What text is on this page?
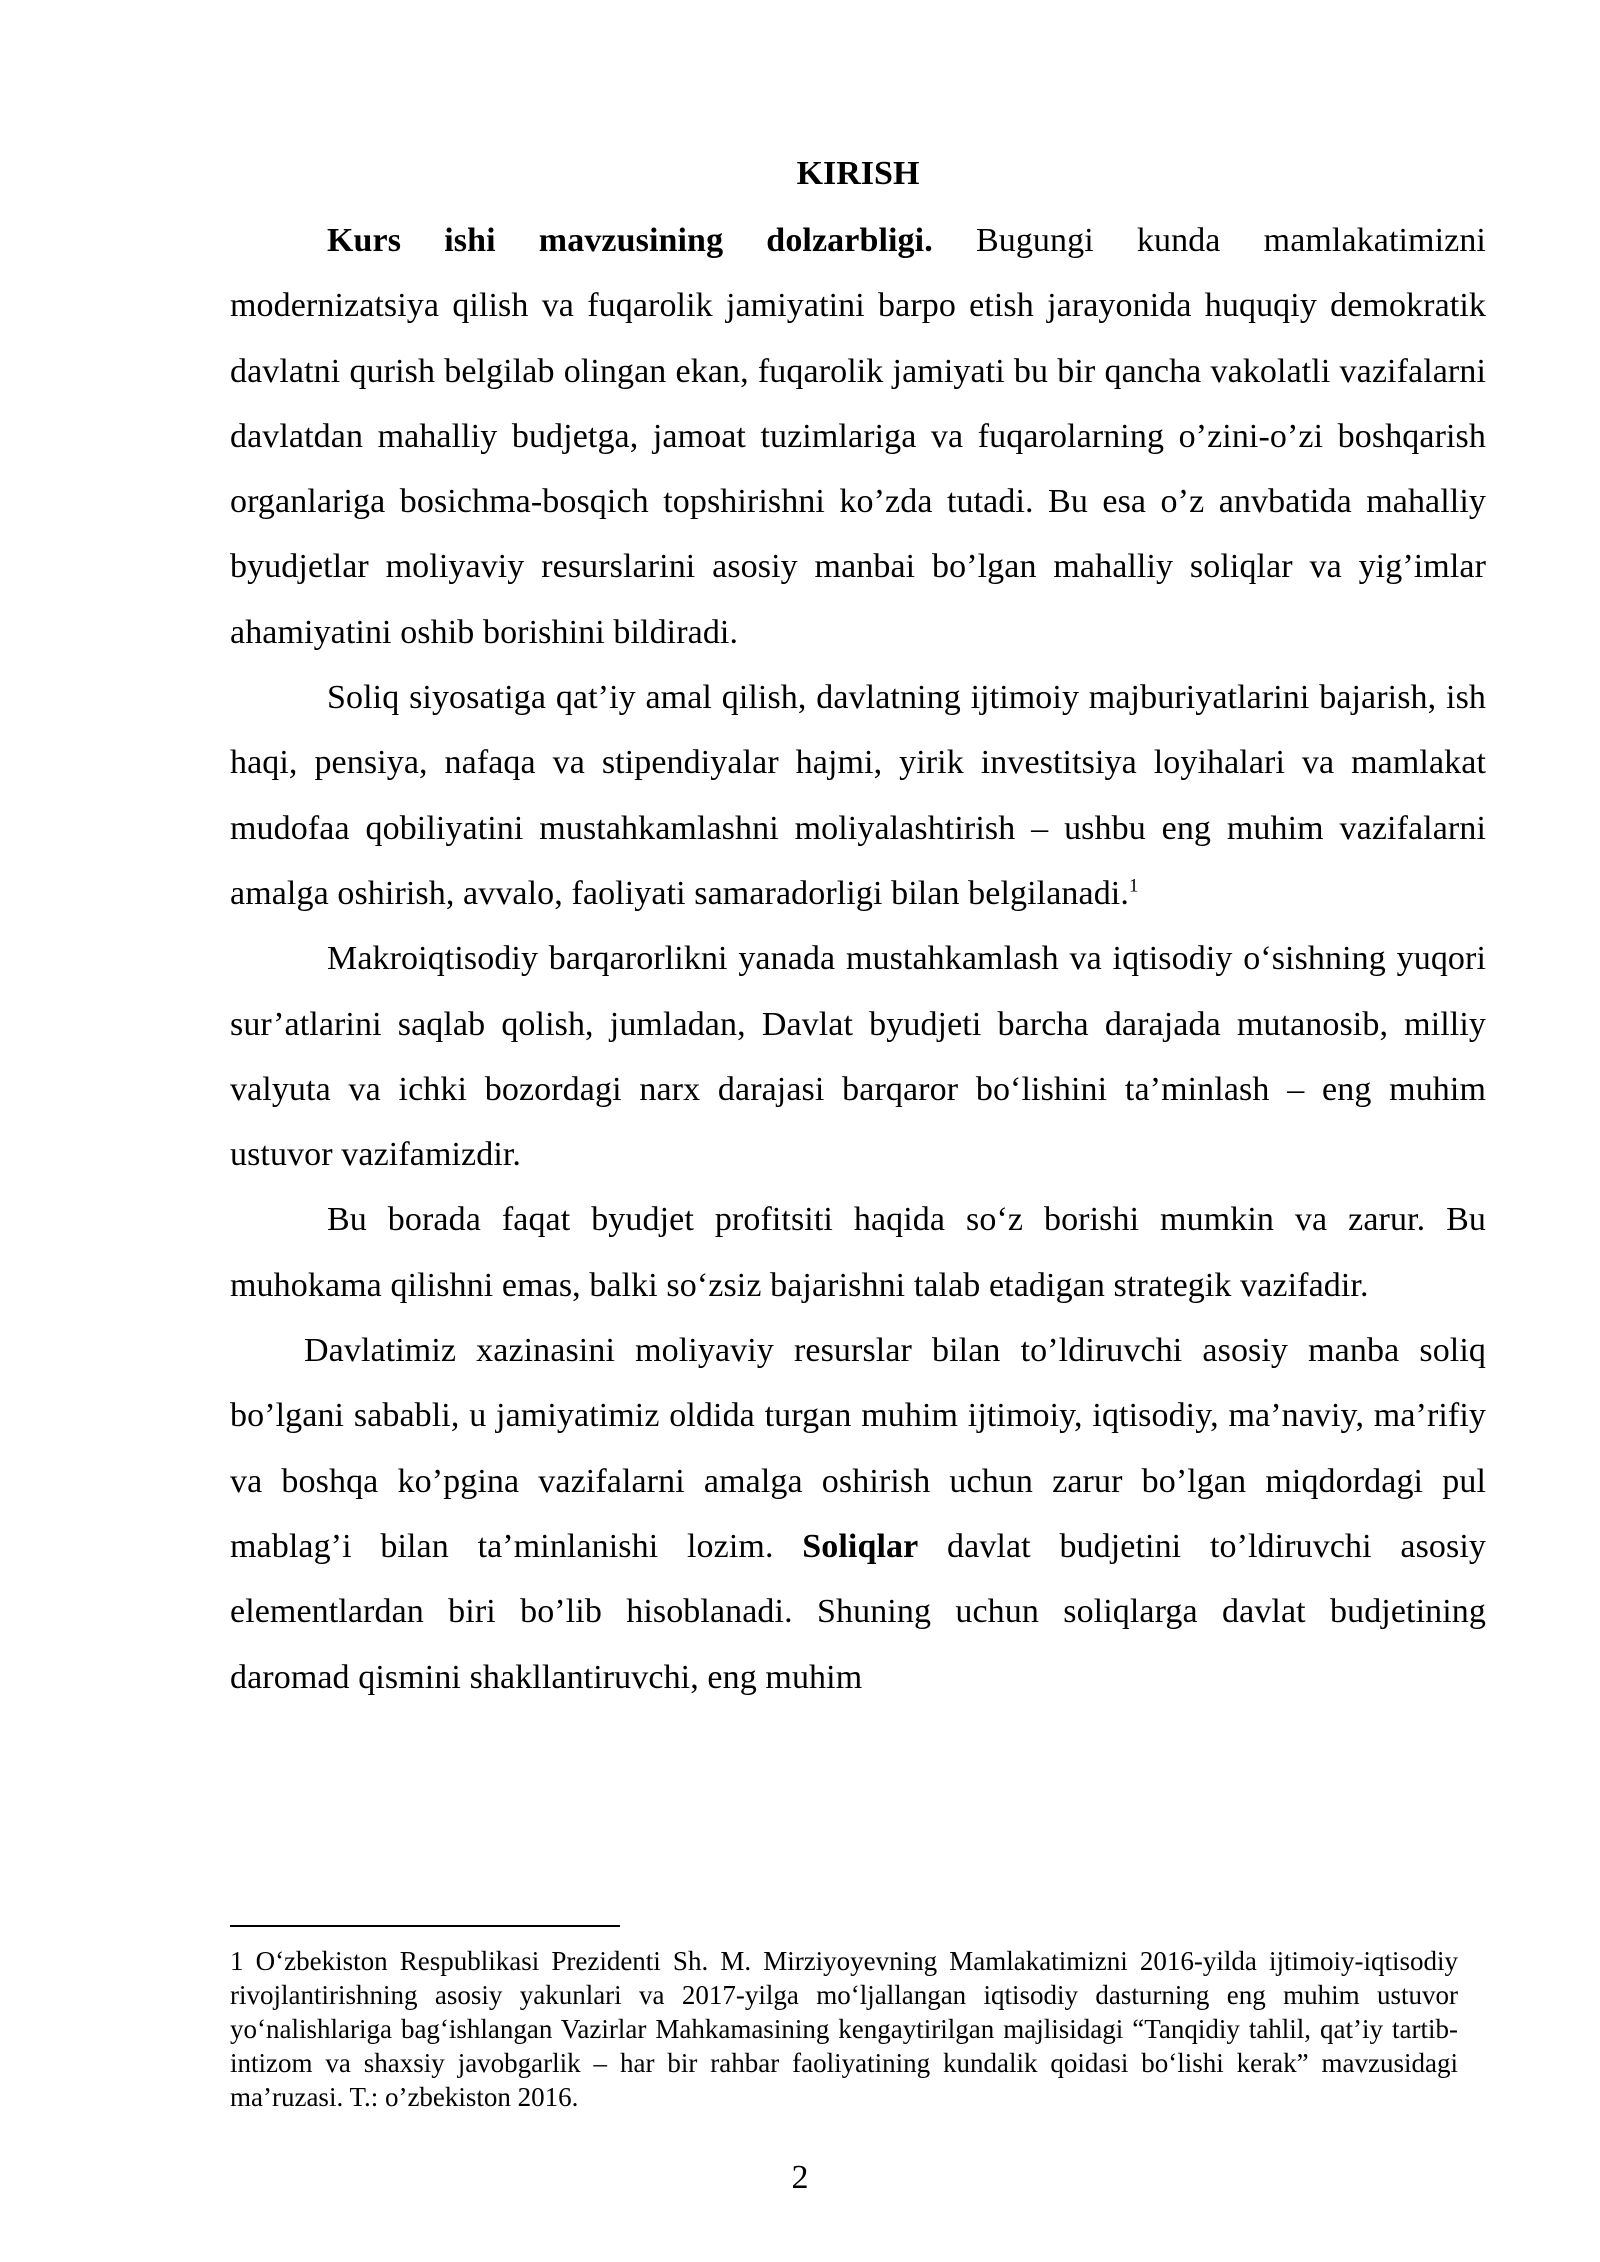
KIRISH

Kurs ishi mavzusining dolzarbligi. Bugungi kunda mamlakatimizni modernizatsiya qilish va fuqarolik jamiyatini barpo etish jarayonida huquqiy demokratik davlatni qurish belgilab olingan ekan, fuqarolik jamiyati bu bir qancha vakolatli vazifalarni davlatdan mahalliy budjetga, jamoat tuzimlariga va fuqarolarning o’zini-o’zi boshqarish organlariga bosichma-bosqich topshirishni ko’zda tutadi. Bu esa o’z anvbatida mahalliy byudjetlar moliyaviy resurslarini asosiy manbai bo’lgan mahalliy soliqlar va yig’imlar ahamiyatini oshib borishini bildiradi.

Soliq siyosatiga qat’iy amal qilish, davlatning ijtimoiy majburiyatlarini bajarish, ish haqi, pensiya, nafaqa va stipendiyalar hajmi, yirik investitsiya loyihalari va mamlakat mudofaa qobiliyatini mustahkamlashni moliyalashtirish – ushbu eng muhim vazifalarni amalga oshirish, avvalo, faoliyati samaradorligi bilan belgilanadi.$^1$

Makroiqtisodiy barqarorlikni yanada mustahkamlash va iqtisodiy o‘sishning yuqori sur’atlarini saqlab qolish, jumladan, Davlat byudjeti barcha darajada mutanosib, milliy valyuta va ichki bozordagi narx darajasi barqaror bo‘lishini ta’minlash – eng muhim ustuvor vazifamizdir.

Bu borada faqat byudjet profitsiti haqida so‘z borishi mumkin va zarur. Bu muhokama qilishni emas, balki so‘zsiz bajarishni talab etadigan strategik vazifadir.

Davlatimiz xazinasini moliyaviy resurslar bilan to’ldiruvchi asosiy manba soliq bo’lgani sababli, u jamiyatimiz oldida turgan muhim ijtimoiy, iqtisodiy, ma’naviy, ma’rifiy va boshqa ko’pgina vazifalarni amalga oshirish uchun zarur bo’lgan miqdordagi pul mablag’i bilan ta’minlanishi lozim. Soliqlar davlat budjetini to’ldiruvchi asosiy elementlardan biri bo’lib hisoblanadi. Shuning uchun soliqlarga davlat budjetining daromad qismini shakllantiruvchi, eng muhim

1 O‘zbekiston Respublikasi Prezidenti Sh. M. Mirziyoyevning Mamlakatimizni 2016-yilda ijtimoiy-iqtisodiy rivojlantirishning asosiy yakunlari va 2017-yilga mo‘ljallangan iqtisodiy dasturning eng muhim ustuvor yo‘nalishlariga bag‘ishlangan Vazirlar Mahkamasining kengaytirilgan majlisidagi “Tanqidiy tahlil, qat’iy tartib-intizom va shaxsiy javobgarlik – har bir rahbar faoliyatining kundalik qoidasi bo‘lishi kerak” mavzusidagi ma’ruzasi. T.: o’zbekiston 2016.

2
